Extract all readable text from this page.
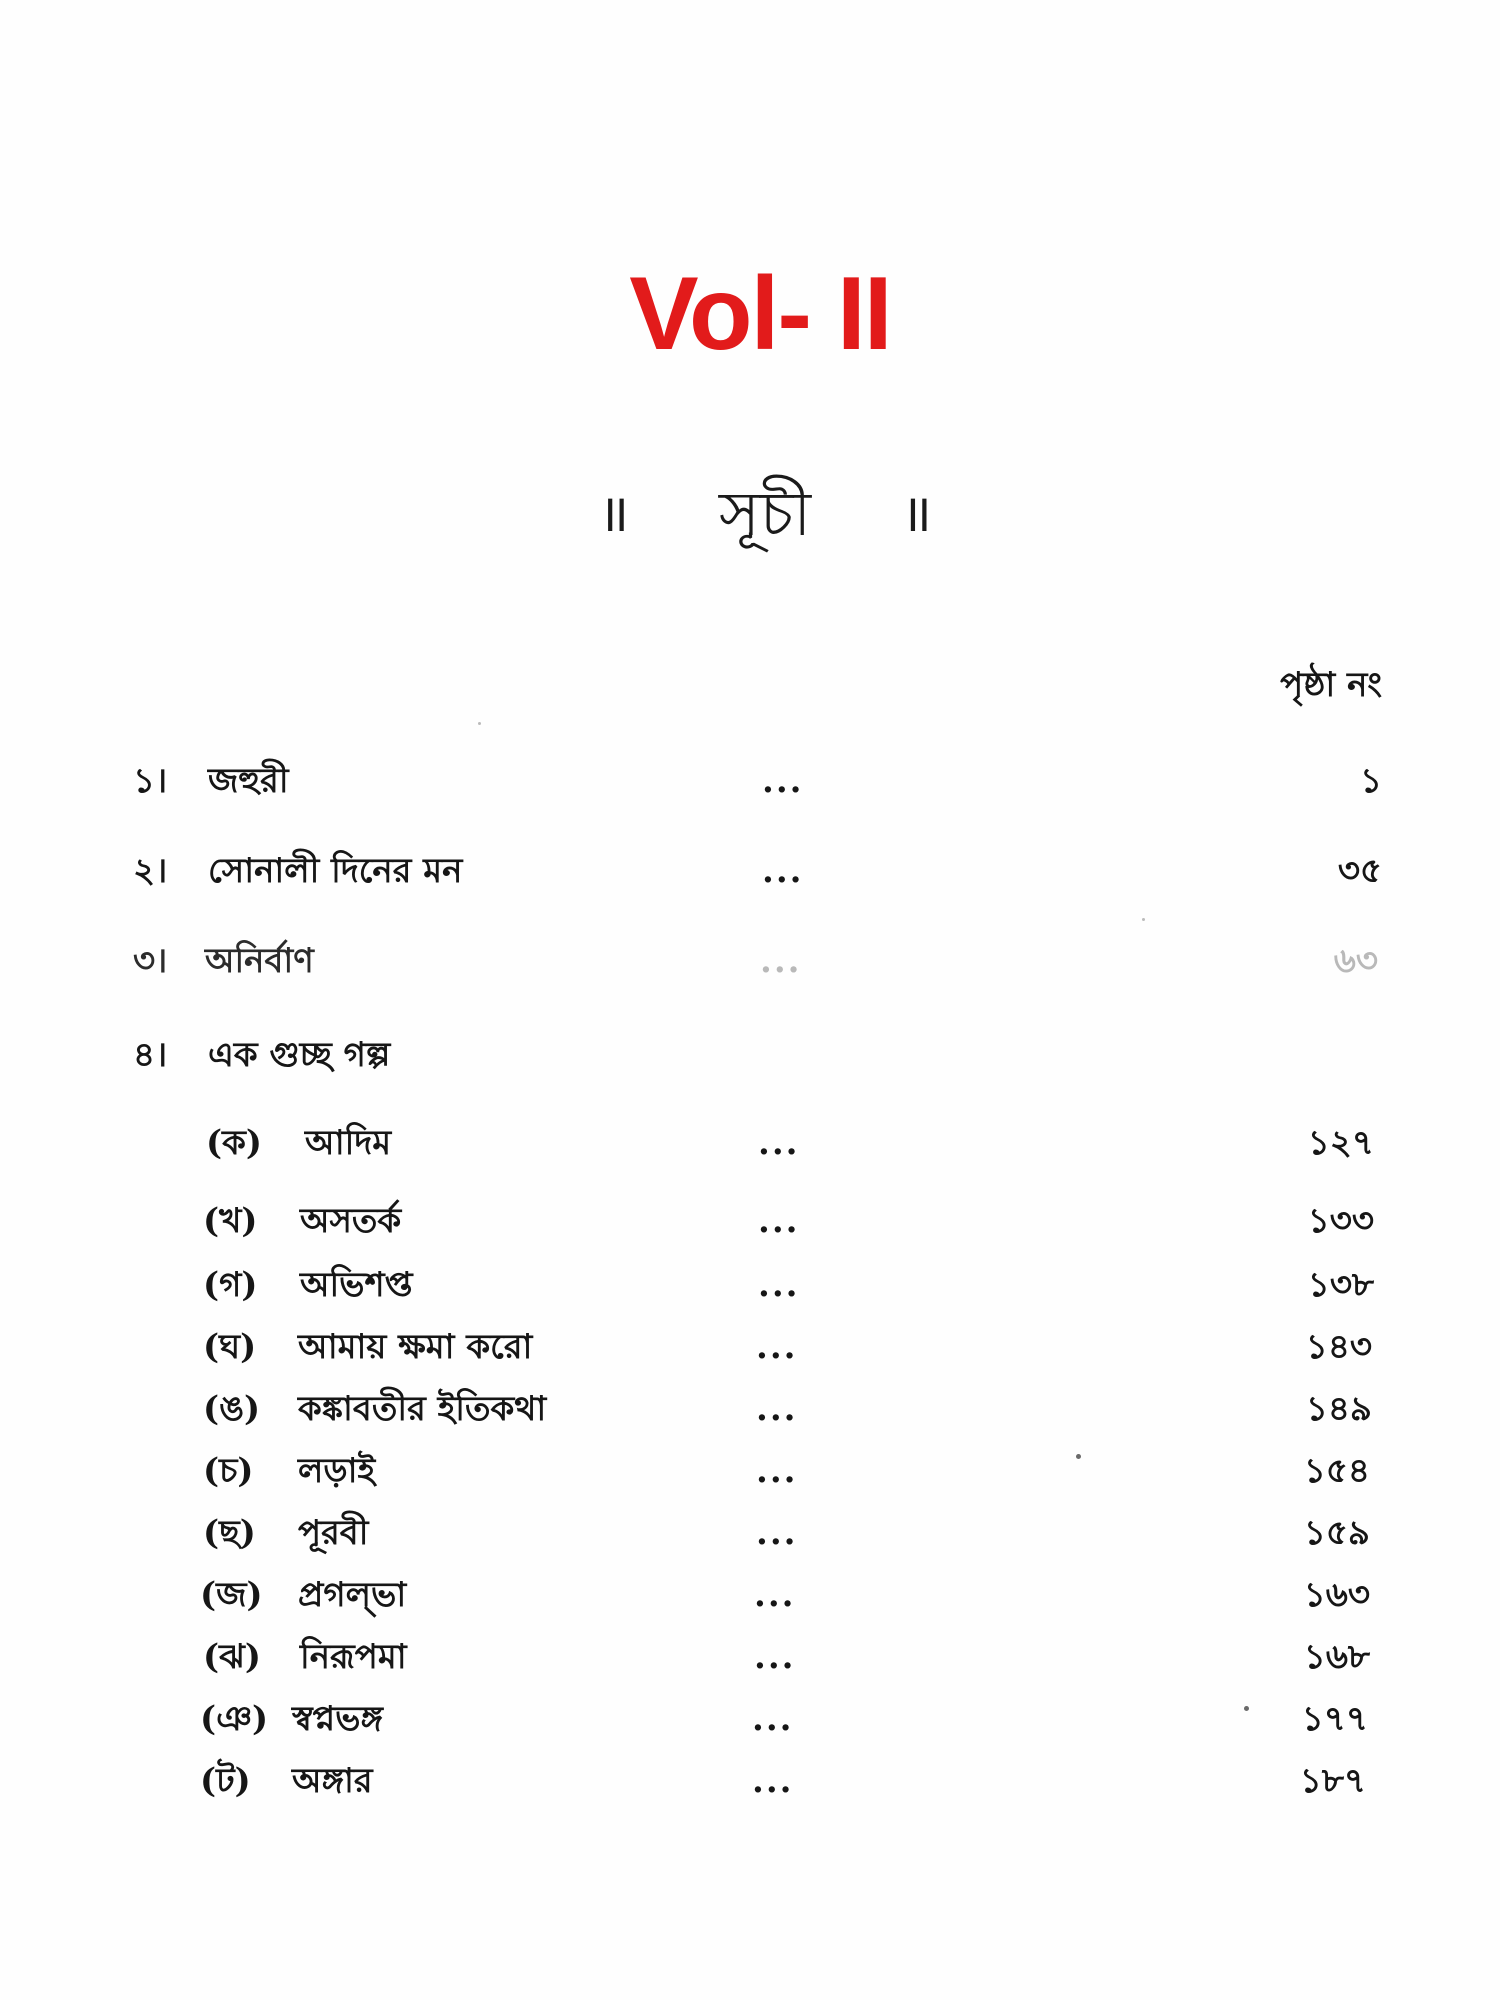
Vol- II
॥ সূচী ॥
পৃষ্ঠা নং
১। জহুরী	...	১
২। সোনালী দিনের মন	...	৩৫
৩। অনির্বাণ	...	৬৩
৪। এক গুচ্ছ গল্প
(ক) আদিম	...	১২৭
(খ) অসতর্ক	...	১৩৩
(গ) অভিশপ্ত	...	১৩৮
(ঘ) আমায় ক্ষমা করো	...	১৪৩
(ঙ) কঙ্কাবতীর ইতিকথা	...	১৪৯
(চ) লড়াই	...	১৫৪
(ছ) পূরবী	...	১৫৯
(জ) প্রগল্ভা	...	১৬৩
(ঝ) নিরূপমা	...	১৬৮
(ঞ) স্বপ্নভঙ্গ	...	১৭৭
(ট) অঙ্গার	...	১৮৭
